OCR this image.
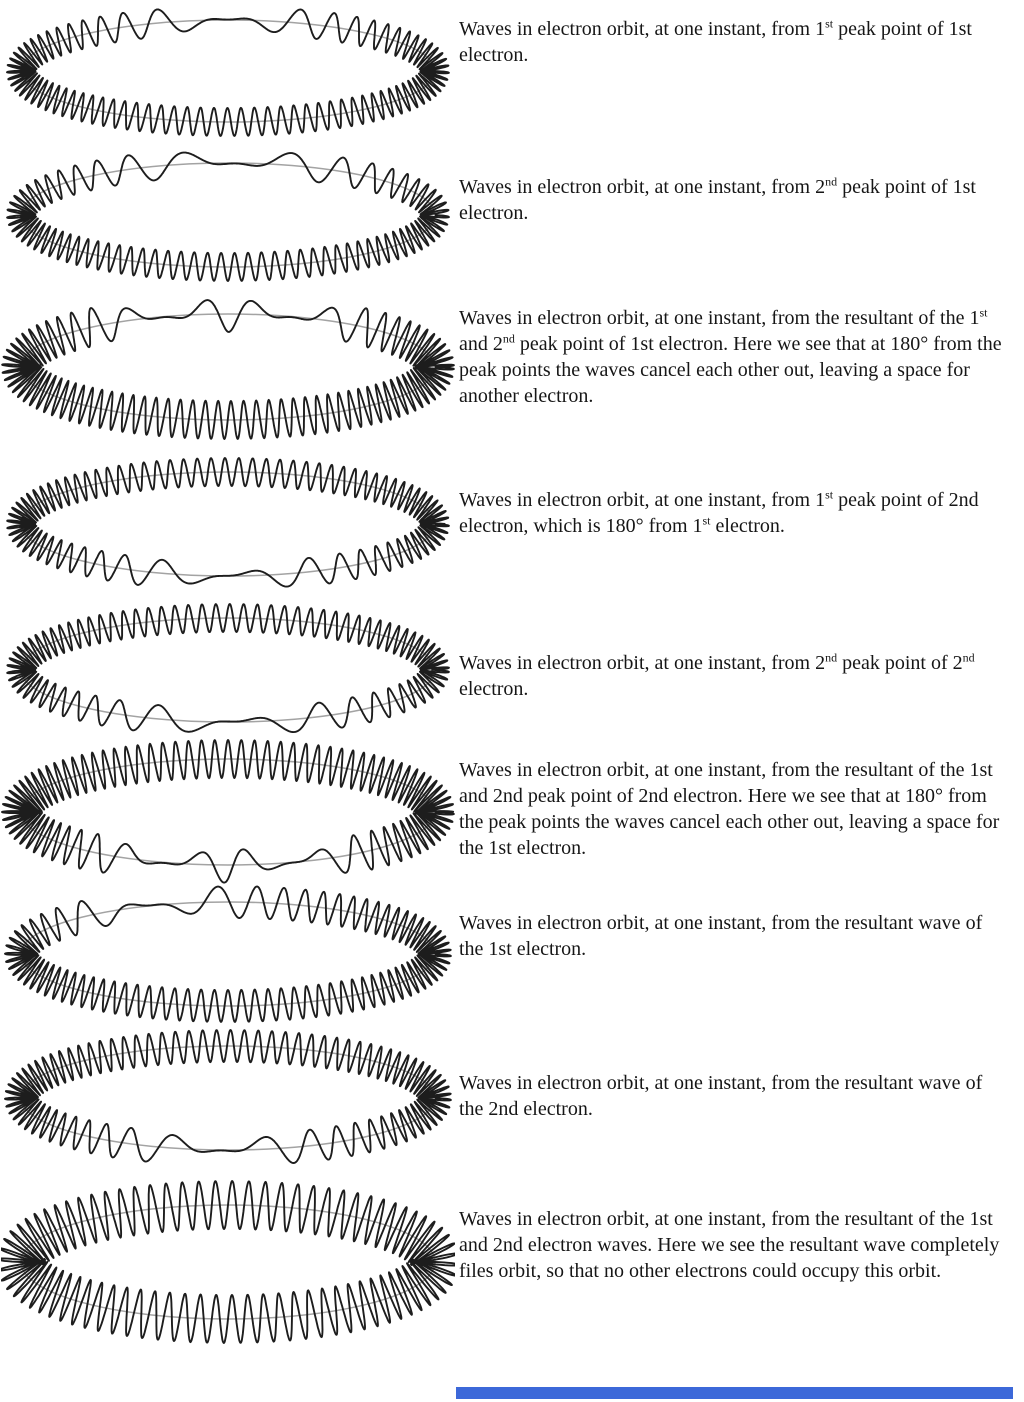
Waves in electron orbit, at one instant, from 1st peak point of 1st electron.

Waves in electron orbit, at one instant, from 2nd peak point of 1st electron.

Waves in electron orbit, at one instant, from the resultant of the 1st and 2nd peak point of 1st electron. Here we see that at 180° from the peak points the waves cancel each other out, leaving a space for another electron.

Waves in electron orbit, at one instant, from 1st peak point of 2nd electron, which is 180° from 1st electron.

Waves in electron orbit, at one instant, from 2nd peak point of 2nd electron.

Waves in electron orbit, at one instant, from the resultant of the 1st and 2nd peak point of 2nd electron. Here we see that at 180° from the peak points the waves cancel each other out, leaving a space for the 1st electron.

Waves in electron orbit, at one instant, from the resultant wave of the 1st electron.

Waves in electron orbit, at one instant, from the resultant wave of the 2nd electron.

Waves in electron orbit, at one instant, from the resultant of the 1st and 2nd electron waves. Here we see the resultant wave completely files orbit, so that no other electrons could occupy this orbit.
